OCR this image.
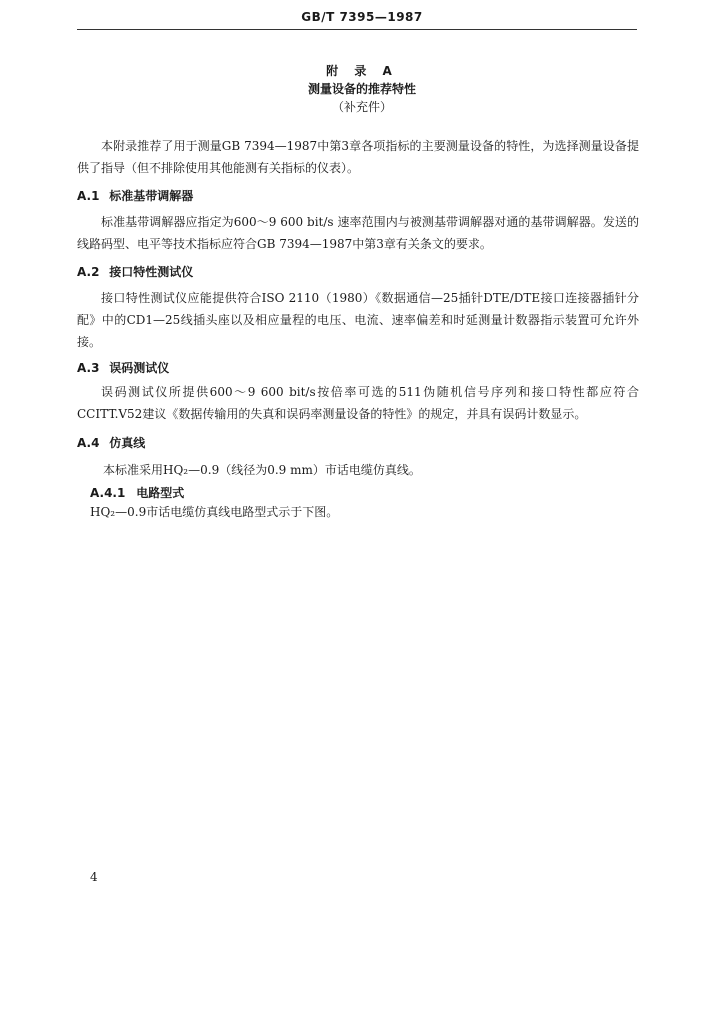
GB/T 7395—1987
附 录 A
测量设备的推荐特性
（补充件）

本附录推荐了用于测量GB 7394—1987中第3章各项指标的主要测量设备的特性，为选择测量设备提供了指导（但不排除使用其他能测有关指标的仪表）。

A.1 标准基带调解器

标准基带调解器应指定为600～9 600 bit/s 速率范围内与被测基带调解器对通的基带调解器。发送的线路码型、电平等技术指标应符合GB 7394—1987中第3章有关条文的要求。

A.2 接口特性测试仪

接口特性测试仪应能提供符合ISO 2110（1980）《数据通信—25插针DTE/DTE接口连接器插针分配》中的CD1—25线插头座以及相应量程的电压、电流、速率偏差和时延测量计数器指示装置可允许外接。

A.3 误码测试仪

误码测试仪所提供600～9 600 bit/s按倍率可选的511伪随机信号序列和接口特性都应符合CCITT.V52建议《数据传输用的失真和误码率测量设备的特性》的规定，并具有误码计数显示。

A.4 仿真线
本标准采用HQ₂—0.9（线径为0.9 mm）市话电缆仿真线。
A.4.1 电路型式
HQ₂—0.9市话电缆仿真线电路型式示于下图。
4
